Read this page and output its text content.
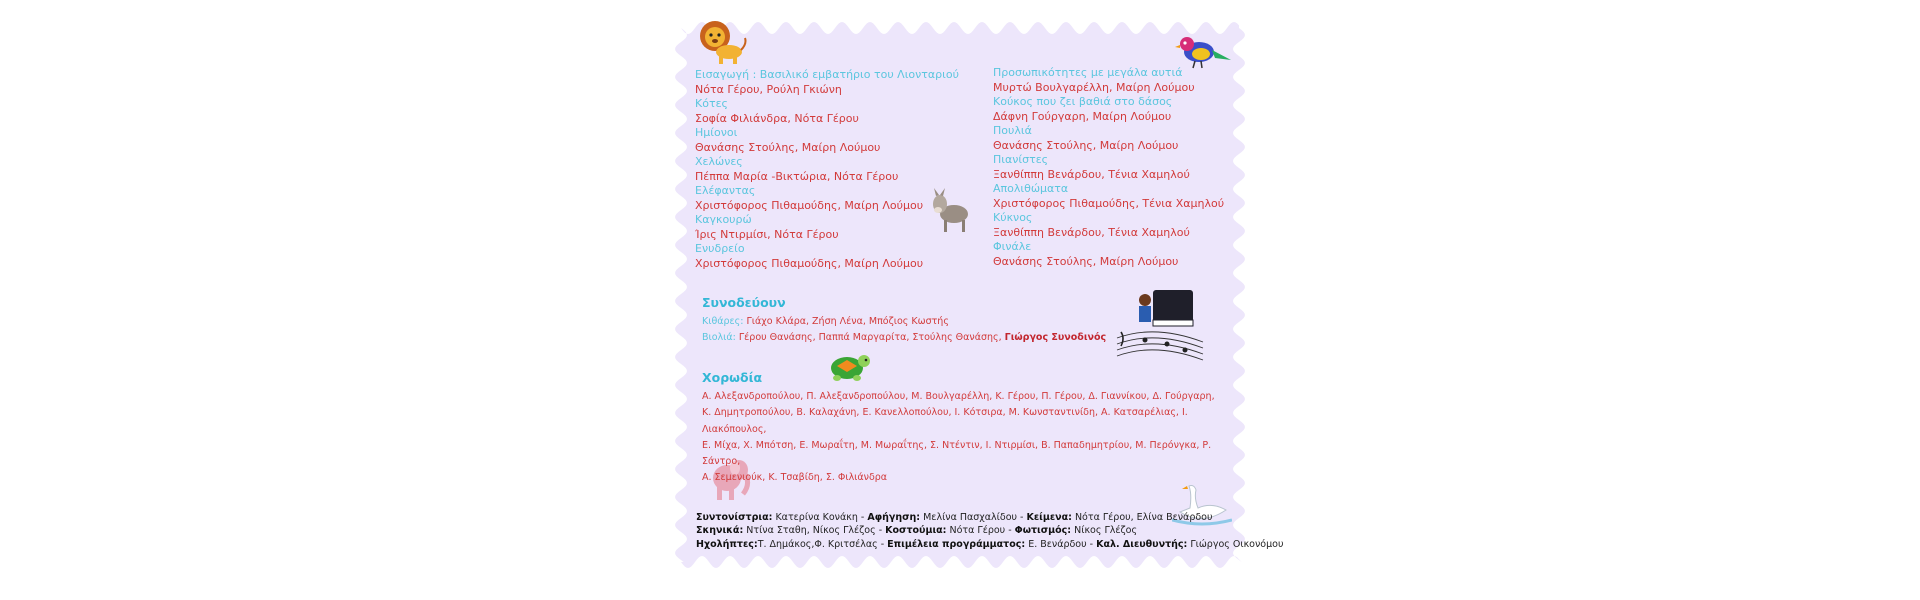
Εισαγωγή : Βασιλικό εμβατήριο του Λιονταριού
Νότα Γέρου, Ρούλη Γκιώνη
Κότες
Σοφία Φιλιάνδρα, Νότα Γέρου
Ημίονοι
Θανάσης Στούλης, Μαίρη Λούμου
Χελώνες
Πέππα Μαρία -Βικτώρια, Νότα Γέρου
Ελέφαντας
Χριστόφορος Πιθαμούδης, Μαίρη Λούμου
Καγκουρώ
Ίρις Ντιρμίσι, Νότα Γέρου
Ενυδρείο
Χριστόφορος Πιθαμούδης, Μαίρη Λούμου
Προσωπικότητες με μεγάλα αυτιά
Μυρτώ Βουλγαρέλλη, Μαίρη Λούμου
Κούκος που ζει βαθιά στο δάσος
Δάφνη Γούργαρη, Μαίρη Λούμου
Πουλιά
Θανάσης Στούλης, Μαίρη Λούμου
Πιανίστες
Ξανθίππη Βενάρδου, Τένια Χαμηλού
Απολιθώματα
Χριστόφορος Πιθαμούδης, Τένια Χαμηλού
Κύκνος
Ξανθίππη Βενάρδου, Τένια Χαμηλού
Φινάλε
Θανάσης Στούλης, Μαίρη Λούμου
Συνοδεύουν
Κιθάρες: Γιάχο Κλάρα, Ζήση Λένα, Μπόζιος Κωστής
Βιολιά: Γέρου Θανάσης, Παππά Μαργαρίτα, Στούλης Θανάσης, Γιώργος Συνοδινός
Χορωδία
Α. Αλεξανδροπούλου, Π. Αλεξανδροπούλου, Μ. Βουλγαρέλλη, Κ. Γέρου, Π. Γέρου, Δ. Γιαννίκου, Δ. Γούργαρη,
Κ. Δημητροπούλου, Β. Καλαχάνη, Ε. Κανελλοπούλου, Ι. Κότσιρα, Μ. Κωνσταντινίδη, Α. Κατσαρέλιας, Ι. Λιακόπουλος,
Ε. Μίχα, Χ. Μπότση, Ε. Μωραΐτη, Μ. Μωραΐτης, Σ. Ντέντιν, Ι. Ντιρμίσι, Β. Παπαδημητρίου, Μ. Περόνγκα, Ρ. Σάντρο,
Α. Σεμενιούκ, Κ. Τσαβίδη, Σ. Φιλιάνδρα
Συντονίστρια: Κατερίνα Κονάκη - Αφήγηση: Μελίνα Πασχαλίδου - Κείμενα: Νότα Γέρου, Ελίνα Βενάρδου
Σκηνικά: Ντίνα Σταθη, Νίκος Γλέζος - Κοστούμια: Νότα Γέρου - Φωτισμός: Νίκος Γλέζος
Ηχολήπτες:Τ. Δημάκος,Φ. Κριτσέλας - Επιμέλεια προγράμματος: Ε. Βενάρδου - Καλ. Διευθυντής: Γιώργος Οικονόμου
